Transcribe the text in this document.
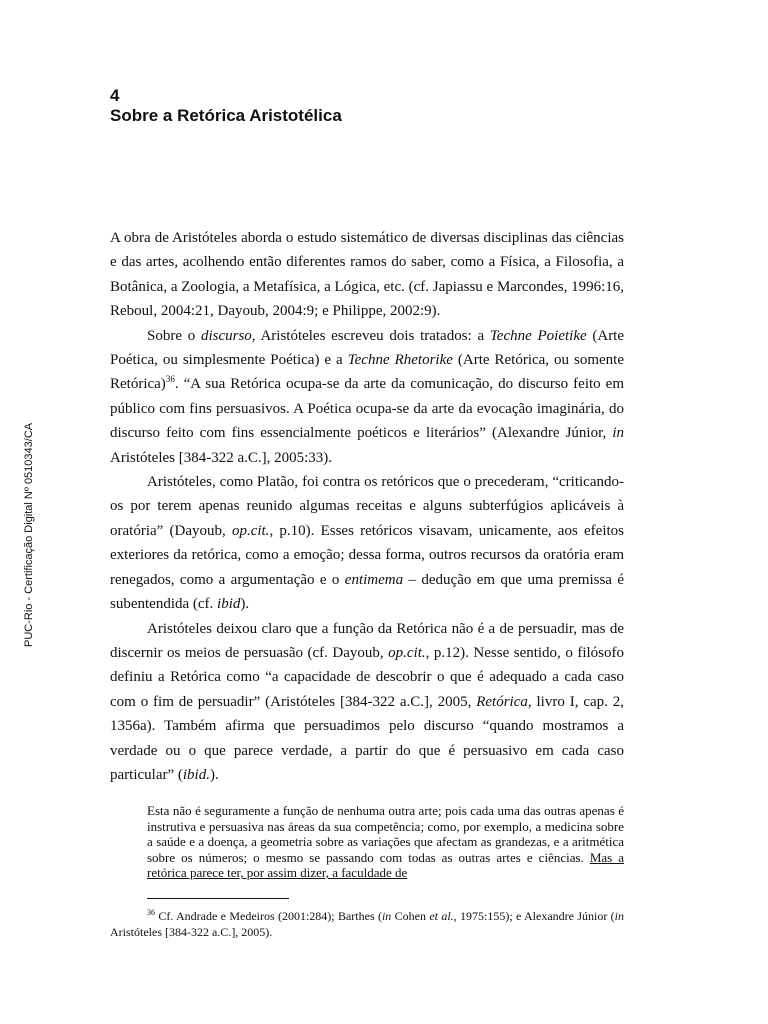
PUC-Rio - Certificação Digital Nº 0510343/CA
4
Sobre a Retórica Aristotélica

A obra de Aristóteles aborda o estudo sistemático de diversas disciplinas das ciências e das artes, acolhendo então diferentes ramos do saber, como a Física, a Filosofia, a Botânica, a Zoologia, a Metafísica, a Lógica, etc. (cf. Japiassu e Marcondes, 1996:16, Reboul, 2004:21, Dayoub, 2004:9; e Philippe, 2002:9).

Sobre o discurso, Aristóteles escreveu dois tratados: a Techne Poietike (Arte Poética, ou simplesmente Poética) e a Techne Rhetorike (Arte Retórica, ou somente Retórica)$^{36}$. “A sua Retórica ocupa-se da arte da comunicação, do discurso feito em público com fins persuasivos. A Poética ocupa-se da arte da evocação imaginária, do discurso feito com fins essencialmente poéticos e literários” (Alexandre Júnior, in Aristóteles [384-322 a.C.], 2005:33).

Aristóteles, como Platão, foi contra os retóricos que o precederam, “criticando-os por terem apenas reunido algumas receitas e alguns subterfúgios aplicáveis à oratória” (Dayoub, op.cit., p.10). Esses retóricos visavam, unicamente, aos efeitos exteriores da retórica, como a emoção; dessa forma, outros recursos da oratória eram renegados, como a argumentação e o entimema – dedução em que uma premissa é subentendida (cf. ibid).

Aristóteles deixou claro que a função da Retórica não é a de persuadir, mas de discernir os meios de persuasão (cf. Dayoub, op.cit., p.12). Nesse sentido, o filósofo definiu a Retórica como “a capacidade de descobrir o que é adequado a cada caso com o fim de persuadir” (Aristóteles [384-322 a.C.], 2005, Retórica, livro I, cap. 2, 1356a). Também afirma que persuadimos pelo discurso “quando mostramos a verdade ou o que parece verdade, a partir do que é persuasivo em cada caso particular” (ibid.).

Esta não é seguramente a função de nenhuma outra arte; pois cada uma das outras apenas é instrutiva e persuasiva nas áreas da sua competência; como, por exemplo, a medicina sobre a saúde e a doença, a geometria sobre as variações que afectam as grandezas, e a aritmética sobre os números; o mesmo se passando com todas as outras artes e ciências. Mas a retórica parece ter, por assim dizer, a faculdade de

$^{36}$ Cf. Andrade e Medeiros (2001:284); Barthes (in Cohen et al., 1975:155); e Alexandre Júnior (in Aristóteles [384-322 a.C.], 2005).
